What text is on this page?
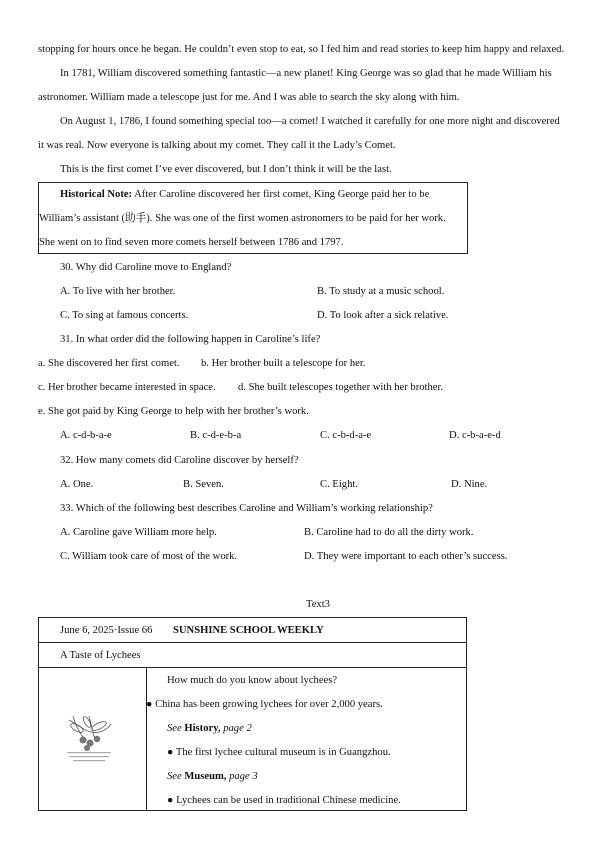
stopping for hours once he began. He couldn’t even stop to eat, so I fed him and read stories to keep him happy and relaxed.
In 1781, William discovered something fantastic—a new planet! King George was so glad that he made William his
astronomer. William made a telescope just for me. And I was able to search the sky along with him.
On August 1, 1786, I found something special too—a comet! I watched it carefully for one more night and discovered
it was real. Now everyone is talking about my comet. They call it the Lady’s Comet.
This is the first comet I’ve ever discovered, but I don’t think it will be the last.
Historical Note: After Caroline discovered her first comet, King George paid her to be
William’s assistant (助手). She was one of the first women astronomers to be paid for her work.
She went on to find seven more comets herself between 1786 and 1797.
30. Why did Caroline move to England?
A. To live with her brother.	B. To study at a music school.
C. To sing at famous concerts.	D. To look after a sick relative.
31. In what order did the following happen in Caroline’s life?
a. She discovered her first comet. b. Her brother built a telescope for her.
c. Her brother became interested in space. d. She built telescopes together with her brother.
e. She got paid by King George to help with her brother’s work.
A. c-d-b-a-e	B. c-d-e-b-a	C. c-b-d-a-e	D. c-b-a-e-d
32. How many comets did Caroline discover by herself?
A. One.	B. Seven.	C. Eight.	D. Nine.
33. Which of the following best describes Caroline and William’s working relationship?
A. Caroline gave William more help.	B. Caroline had to do all the dirty work.
C. William took care of most of the work.	D. They were important to each other’s success.
Text3
June 6, 2025·Issue 66 SUNSHINE SCHOOL WEEKLY
A Taste of Lychees
How much do you know about lychees?
● China has been growing lychees for over 2,000 years.
See History, page 2
● The first lychee cultural museum is in Guangzhou.
See Museum, page 3
● Lychees can be used in traditional Chinese medicine.
